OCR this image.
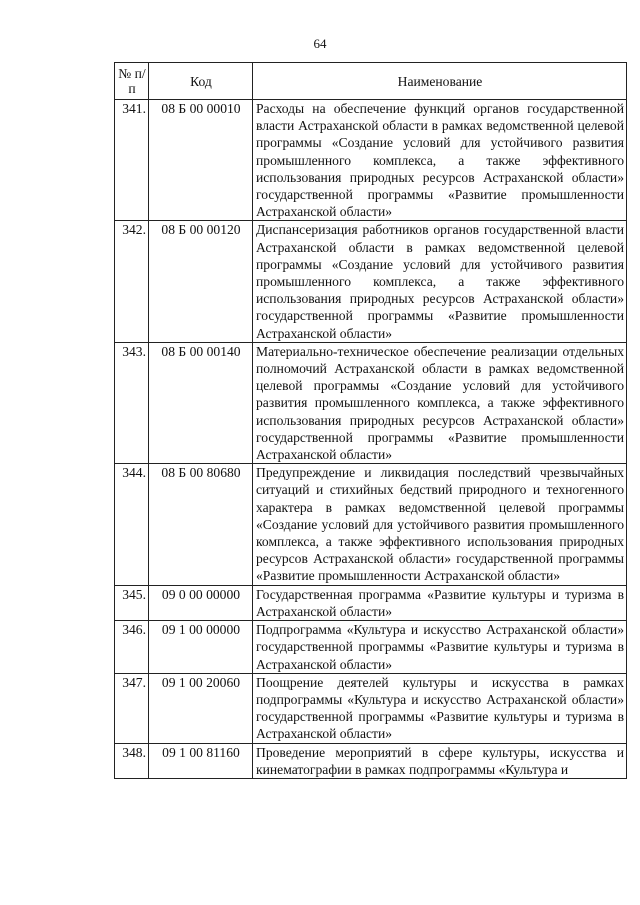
64
№ п/п	Код	Наименование
341.	08 Б 00 00010	Расходы на обеспечение функций органов государственной власти Астраханской области в рамках ведомственной целевой программы «Создание условий для устойчивого развития промышленного комплекса, а также эффективного использования природных ресурсов Астраханской области» государственной программы «Развитие промышленности Астраханской области»
342.	08 Б 00 00120	Диспансеризация работников органов государственной власти Астраханской области в рамках ведомственной целевой программы «Создание условий для устойчивого развития промышленного комплекса, а также эффективного использования природных ресурсов Астраханской области» государственной программы «Развитие промышленности Астраханской области»
343.	08 Б 00 00140	Материально-техническое обеспечение реализации отдельных полномочий Астраханской области в рамках ведомственной целевой программы «Создание условий для устойчивого развития промышленного комплекса, а также эффективного использования природных ресурсов Астраханской области» государственной программы «Развитие промышленности Астраханской области»
344.	08 Б 00 80680	Предупреждение и ликвидация последствий чрезвычайных ситуаций и стихийных бедствий природного и техногенного характера в рамках ведомственной целевой программы «Создание условий для устойчивого развития промышленного комплекса, а также эффективного использования природных ресурсов Астраханской области» государственной программы «Развитие промышленности Астраханской области»
345.	09 0 00 00000	Государственная программа «Развитие культуры и туризма в Астраханской области»
346.	09 1 00 00000	Подпрограмма «Культура и искусство Астраханской области» государственной программы «Развитие культуры и туризма в Астраханской области»
347.	09 1 00 20060	Поощрение деятелей культуры и искусства в рамках подпрограммы «Культура и искусство Астраханской области» государственной программы «Развитие культуры и туризма в Астраханской области»
348.	09 1 00 81160	Проведение мероприятий в сфере культуры, искусства и кинематографии в рамках подпрограммы «Культура и
